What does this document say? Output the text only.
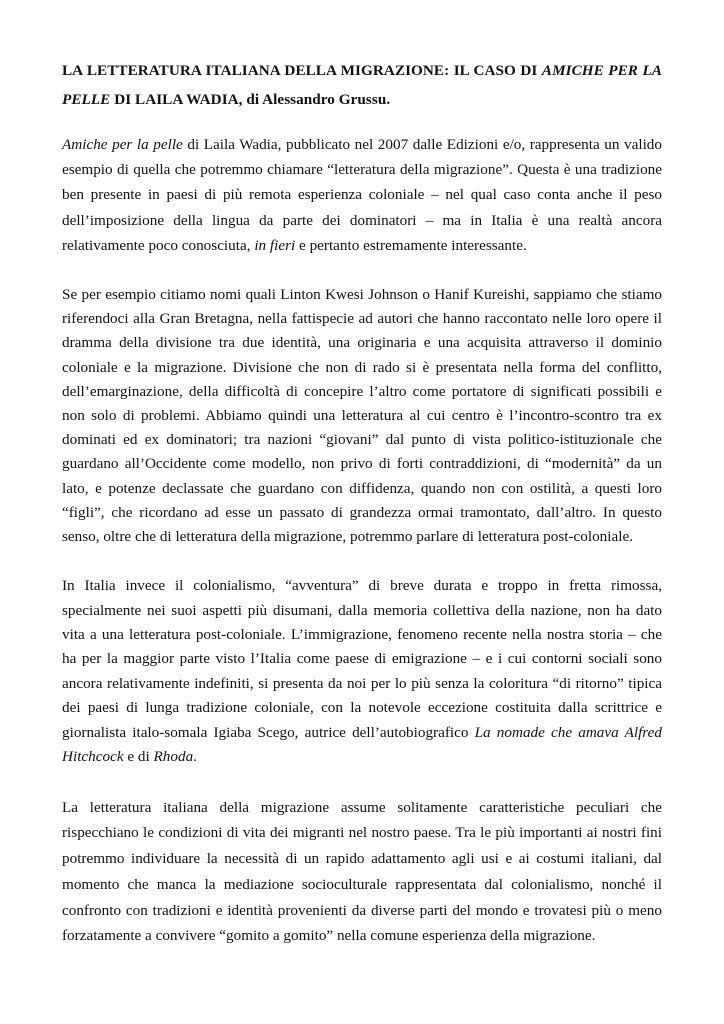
LA LETTERATURA ITALIANA DELLA MIGRAZIONE: IL CASO DI AMICHE PER LA PELLE DI LAILA WADIA, di Alessandro Grussu.

Amiche per la pelle di Laila Wadia, pubblicato nel 2007 dalle Edizioni e/o, rappresenta un valido esempio di quella che potremmo chiamare “letteratura della migrazione”. Questa è una tradizione ben presente in paesi di più remota esperienza coloniale – nel qual caso conta anche il peso dell’imposizione della lingua da parte dei dominatori – ma in Italia è una realtà ancora relativamente poco conosciuta, in fieri e pertanto estremamente interessante.

Se per esempio citiamo nomi quali Linton Kwesi Johnson o Hanif Kureishi, sappiamo che stiamo riferendoci alla Gran Bretagna, nella fattispecie ad autori che hanno raccontato nelle loro opere il dramma della divisione tra due identità, una originaria e una acquisita attraverso il dominio coloniale e la migrazione. Divisione che non di rado si è presentata nella forma del conflitto, dell’emarginazione, della difficoltà di concepire l’altro come portatore di significati possibili e non solo di problemi. Abbiamo quindi una letteratura al cui centro è l’incontro-scontro tra ex dominati ed ex dominatori; tra nazioni “giovani” dal punto di vista politico-istituzionale che guardano all’Occidente come modello, non privo di forti contraddizioni, di “modernità” da un lato, e potenze declassate che guardano con diffidenza, quando non con ostilità, a questi loro “figli”, che ricordano ad esse un passato di grandezza ormai tramontato, dall’altro. In questo senso, oltre che di letteratura della migrazione, potremmo parlare di letteratura post-coloniale.

In Italia invece il colonialismo, “avventura” di breve durata e troppo in fretta rimossa, specialmente nei suoi aspetti più disumani, dalla memoria collettiva della nazione, non ha dato vita a una letteratura post-coloniale. L’immigrazione, fenomeno recente nella nostra storia – che ha per la maggior parte visto l’Italia come paese di emigrazione – e i cui contorni sociali sono ancora relativamente indefiniti, si presenta da noi per lo più senza la coloritura “di ritorno” tipica dei paesi di lunga tradizione coloniale, con la notevole eccezione costituita dalla scrittrice e giornalista italo-somala Igiaba Scego, autrice dell’autobiografico La nomade che amava Alfred Hitchcock e di Rhoda.

La letteratura italiana della migrazione assume solitamente caratteristiche peculiari che rispecchiano le condizioni di vita dei migranti nel nostro paese. Tra le più importanti ai nostri fini potremmo individuare la necessità di un rapido adattamento agli usi e ai costumi italiani, dal momento che manca la mediazione socioculturale rappresentata dal colonialismo, nonché il confronto con tradizioni e identità provenienti da diverse parti del mondo e trovatesi più o meno forzatamente a convivere “gomito a gomito” nella comune esperienza della migrazione.
